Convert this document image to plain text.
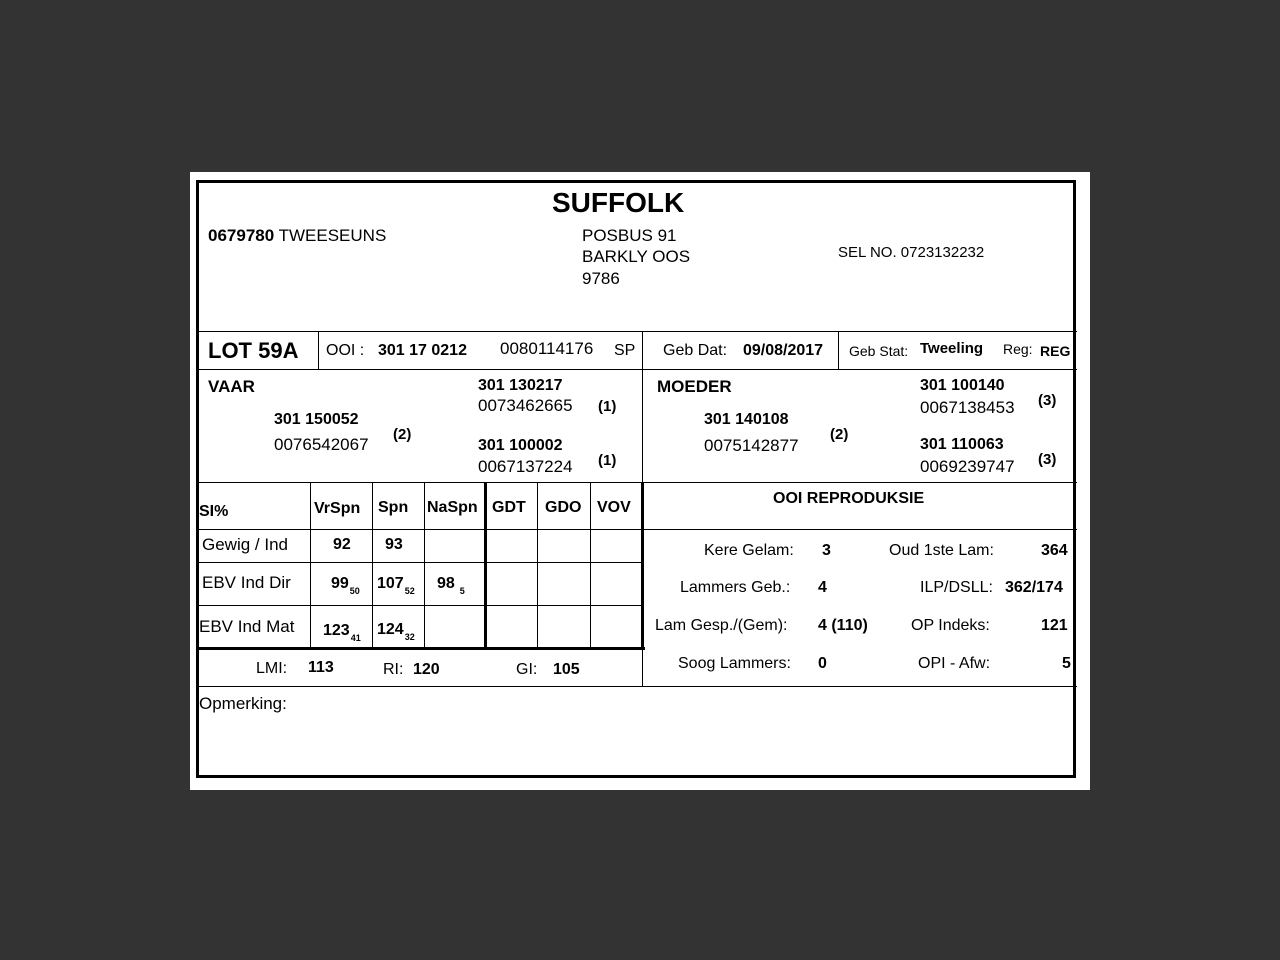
SUFFOLK
0679780 TWEESEUNS	POSBUS 91
BARKLY OOS
9786
SEL NO. 0723132232
LOT 59A OOI : 301 17 0212 0080114176 SP Geb Dat: 09/08/2017 Geb Stat: Tweeling Reg: REG
VAAR
301 150052
0076542067
(2)
301 130217
0073462665 (1)
301 100002
0067137224 (1)
MOEDER
301 140108
0075142877
(2)
301 100140
0067138453 (3)
301 110063
0069239747 (3)
SI%	VrSpn Spn NaSpn GDT GDO VOV
Gewig / Ind	92 93
EBV Ind Dir	$99_{50}$ $107_{52}$ 98 $_5$
EBV Ind Mat $123_{41}$ $124_{32}$
LMI: 113	RI: 120	GI: 105
OOI REPRODUKSIE
Kere Gelam: 3	Oud 1ste Lam:	364
Lammers Geb.: 4	ILP/DSLL: 362/174
Lam Gesp./(Gem): 4 (110)	OP Indeks:	121
Soog Lammers: 0	OPI - Afw:	5
Opmerking:
